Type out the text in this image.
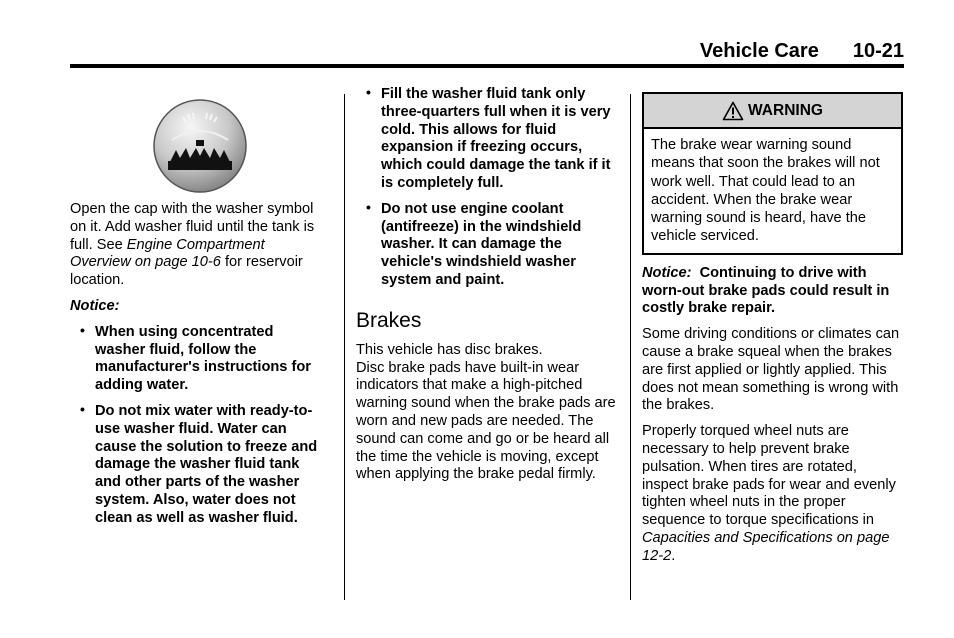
Vehicle Care 10-21

Open the cap with the washer symbol on it. Add washer fluid until the tank is full. See Engine Compartment Overview on page 10-6 for reservoir location.

Notice:
• When using concentrated washer fluid, follow the manufacturer's instructions for adding water.
• Do not mix water with ready-to-use washer fluid. Water can cause the solution to freeze and damage the washer fluid tank and other parts of the washer system. Also, water does not clean as well as washer fluid.
• Fill the washer fluid tank only three-quarters full when it is very cold. This allows for fluid expansion if freezing occurs, which could damage the tank if it is completely full.
• Do not use engine coolant (antifreeze) in the windshield washer. It can damage the vehicle's windshield washer system and paint.
Brakes

This vehicle has disc brakes.

Disc brake pads have built-in wear indicators that make a high-pitched warning sound when the brake pads are worn and new pads are needed. The sound can come and go or be heard all the time the vehicle is moving, except when applying the brake pedal firmly.

WARNING
The brake wear warning sound means that soon the brakes will not work well. That could lead to an accident. When the brake wear warning sound is heard, have the vehicle serviced.

Notice: Continuing to drive with worn-out brake pads could result in costly brake repair.

Some driving conditions or climates can cause a brake squeal when the brakes are first applied or lightly applied. This does not mean something is wrong with the brakes.

Properly torqued wheel nuts are necessary to help prevent brake pulsation. When tires are rotated, inspect brake pads for wear and evenly tighten wheel nuts in the proper sequence to torque specifications in Capacities and Specifications on page 12-2.
